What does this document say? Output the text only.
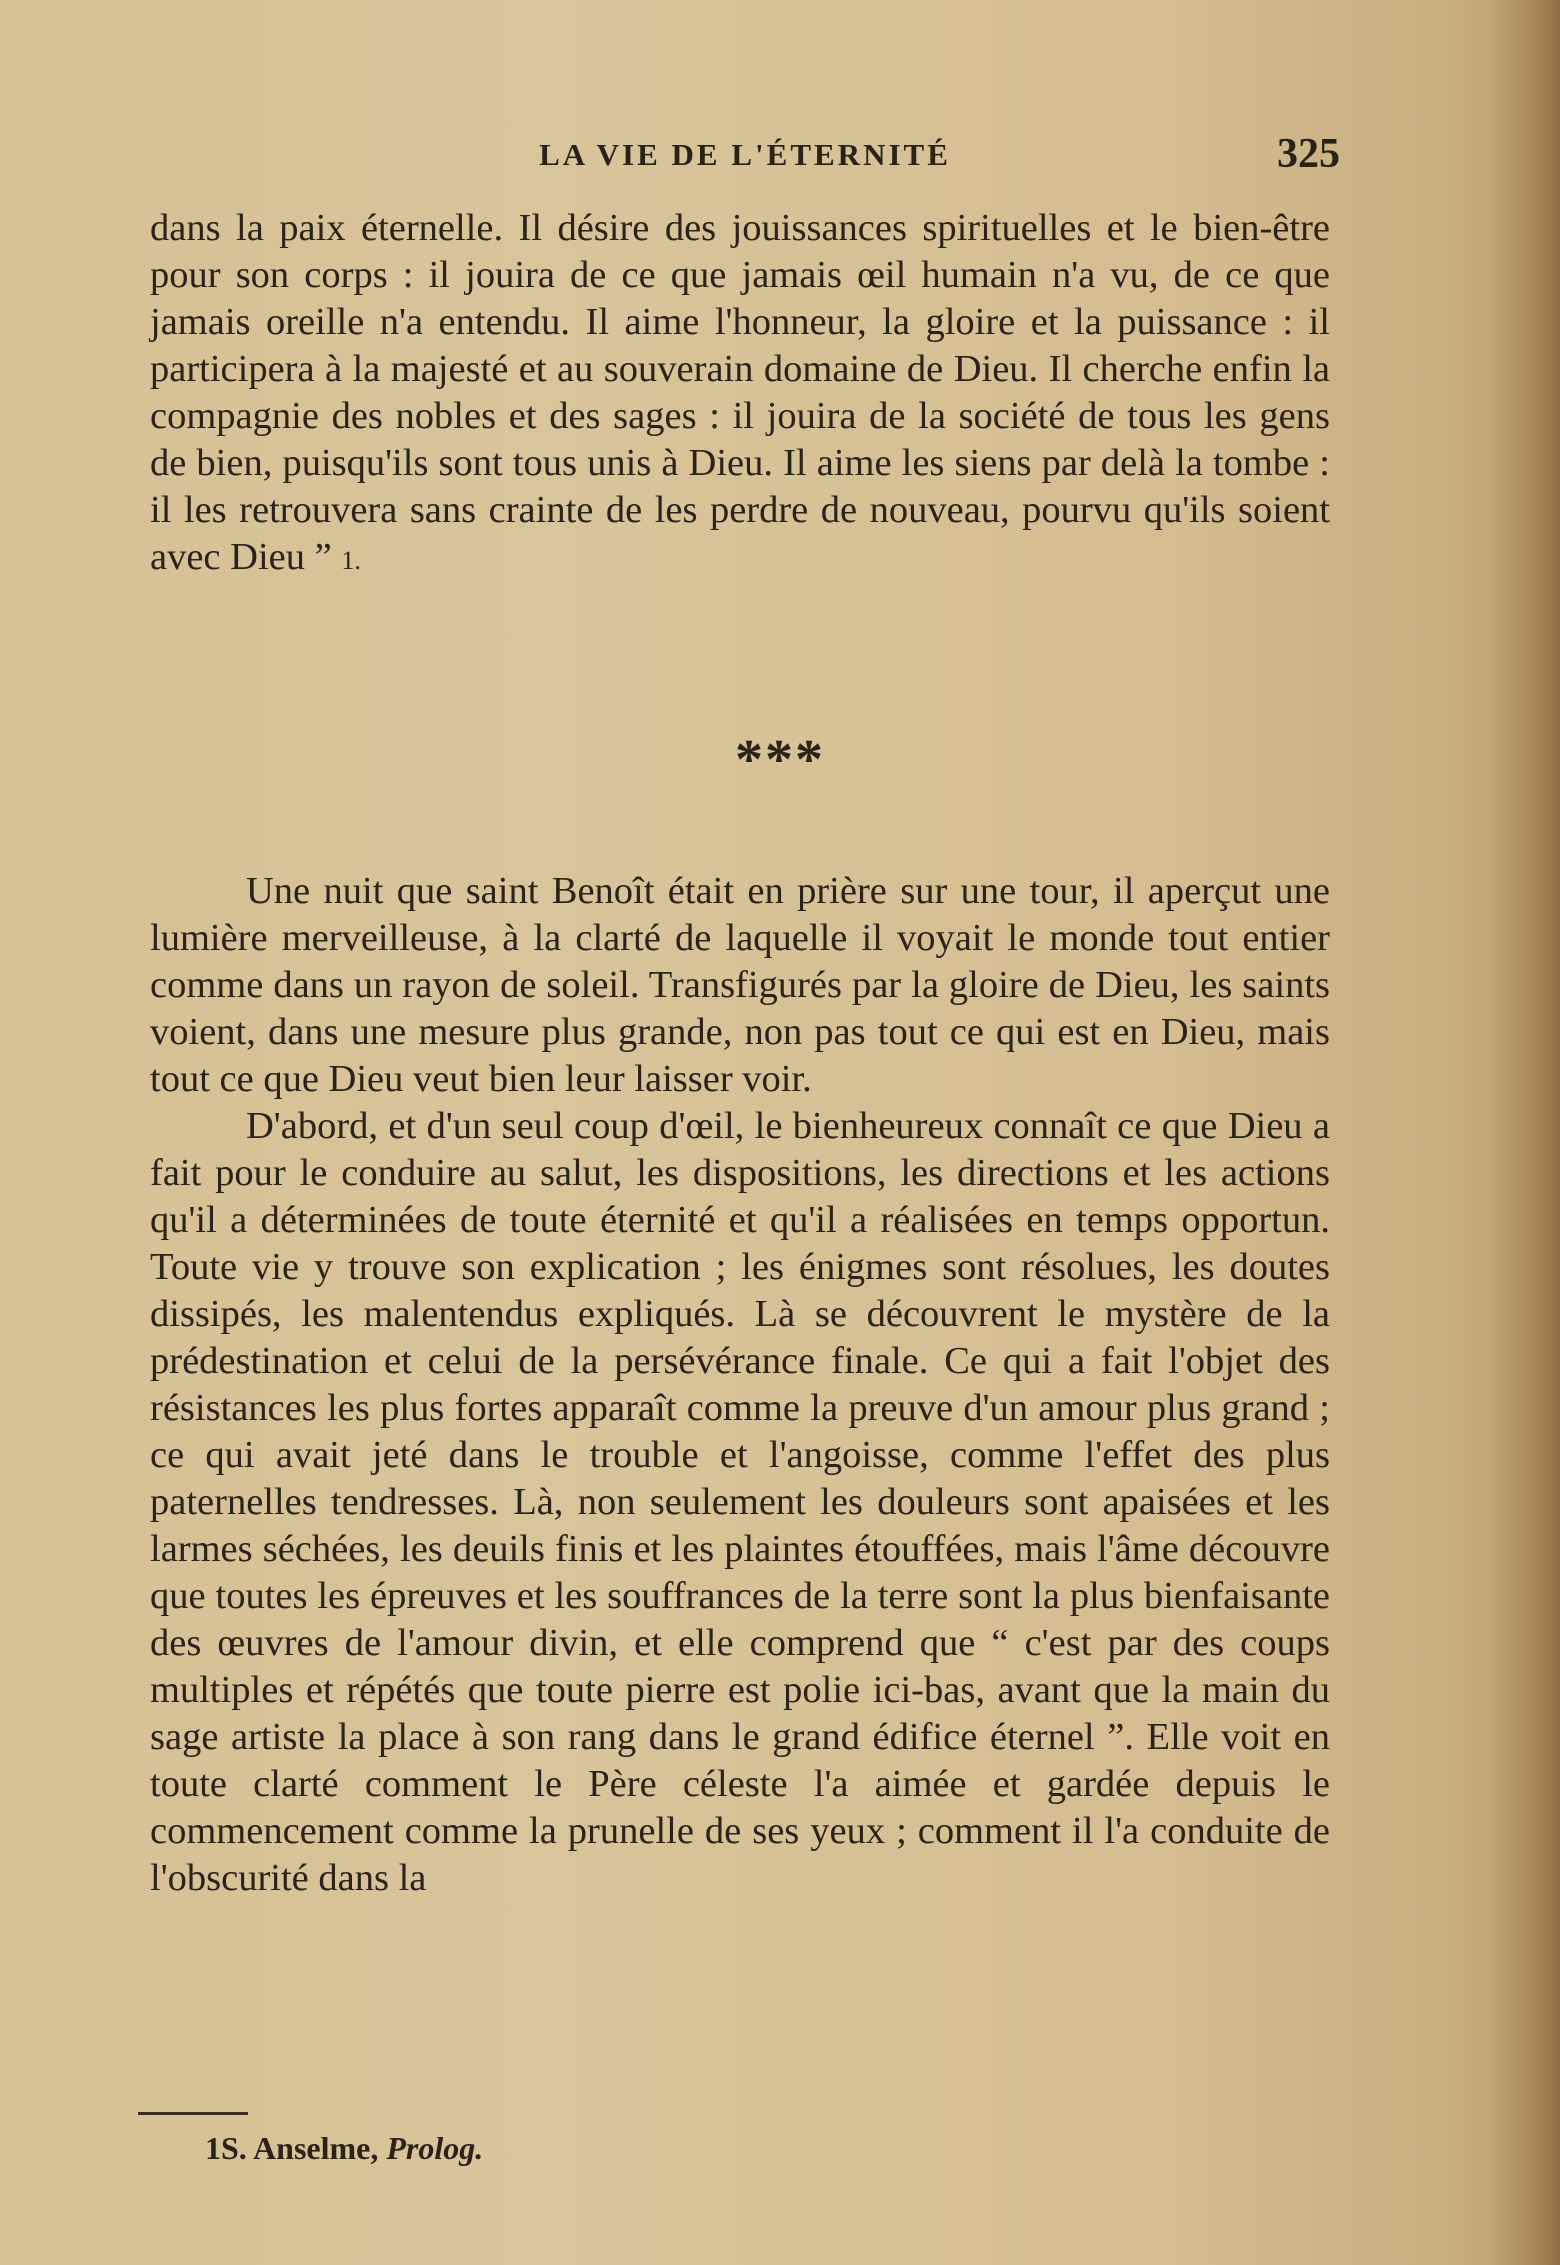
LA VIE DE L'ÉTERNITÉ	325

dans la paix éternelle. Il désire des jouissances spirituelles et le bien-être pour son corps : il jouira de ce que jamais œil humain n'a vu, de ce que jamais oreille n'a entendu. Il aime l'honneur, la gloire et la puissance : il participera à la majesté et au souverain domaine de Dieu. Il cherche enfin la compagnie des nobles et des sages : il jouira de la société de tous les gens de bien, puisqu'ils sont tous unis à Dieu. Il aime les siens par delà la tombe : il les retrouvera sans crainte de les perdre de nouveau, pourvu qu'ils soient avec Dieu ” 1.

***

Une nuit que saint Benoît était en prière sur une tour, il aperçut une lumière merveilleuse, à la clarté de laquelle il voyait le monde tout entier comme dans un rayon de soleil. Transfigurés par la gloire de Dieu, les saints voient, dans une mesure plus grande, non pas tout ce qui est en Dieu, mais tout ce que Dieu veut bien leur laisser voir.

D'abord, et d'un seul coup d'œil, le bienheureux connaît ce que Dieu a fait pour le conduire au salut, les dispositions, les directions et les actions qu'il a déterminées de toute éternité et qu'il a réalisées en temps opportun. Toute vie y trouve son explication ; les énigmes sont résolues, les doutes dissipés, les malentendus expliqués. Là se découvrent le mystère de la prédestination et celui de la persévérance finale. Ce qui a fait l'objet des résistances les plus fortes apparaît comme la preuve d'un amour plus grand ; ce qui avait jeté dans le trouble et l'angoisse, comme l'effet des plus paternelles tendresses. Là, non seulement les douleurs sont apaisées et les larmes séchées, les deuils finis et les plaintes étouffées, mais l'âme découvre que toutes les épreuves et les souffrances de la terre sont la plus bienfaisante des œuvres de l'amour divin, et elle comprend que “ c'est par des coups multiples et répétés que toute pierre est polie ici-bas, avant que la main du sage artiste la place à son rang dans le grand édifice éternel ”. Elle voit en toute clarté comment le Père céleste l'a aimée et gardée depuis le commencement comme la prunelle de ses yeux ; comment il l'a conduite de l'obscurité dans la

1S. Anselme, Prolog.
